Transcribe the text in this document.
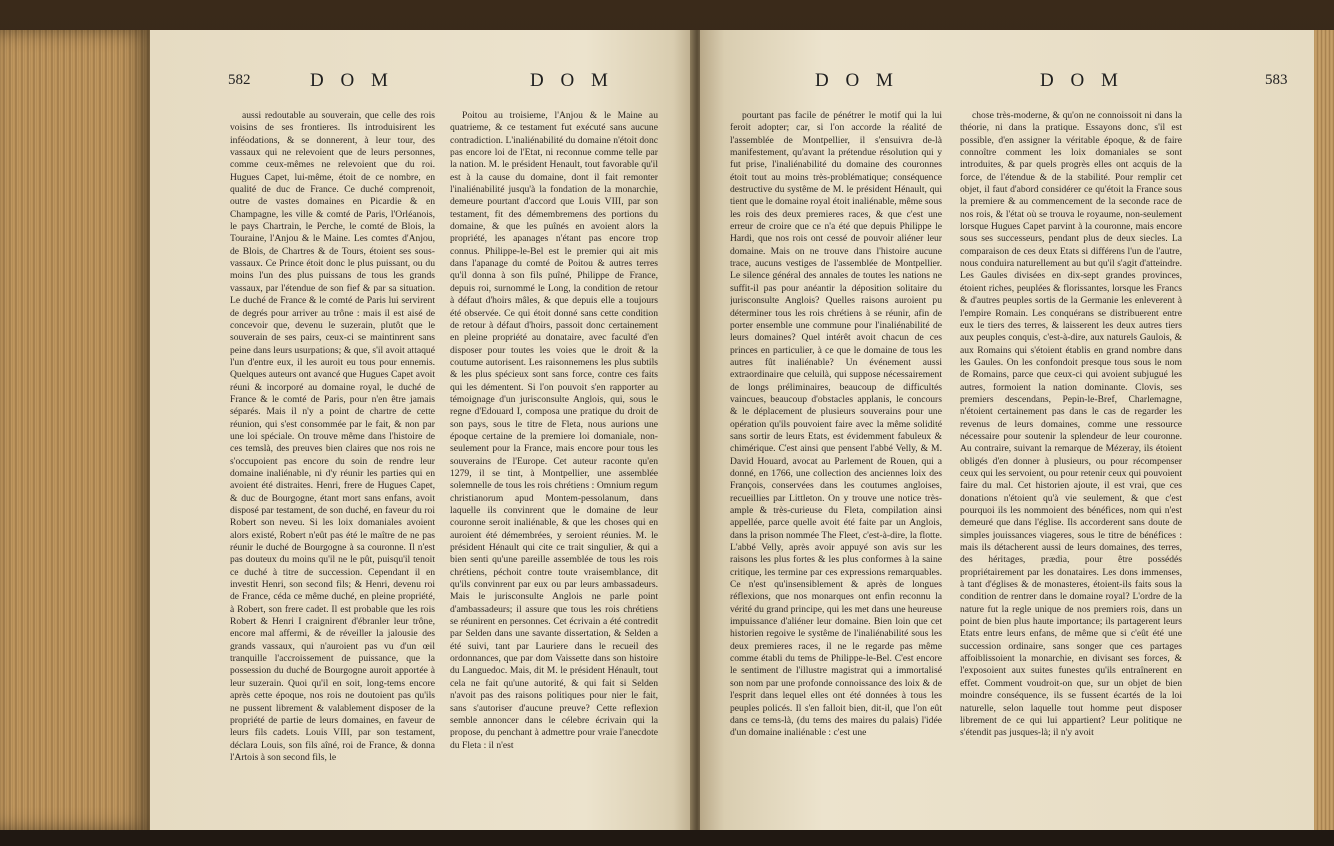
582	D O M	D O M

aussi redoutable au souverain, que celle des rois voisins de ses frontieres. Ils introduisirent les inféodations, & se donnerent, à leur tour, des vassaux qui ne relevoient que de leurs personnes, comme ceux-mêmes ne relevoient que du roi. Hugues Capet, lui-même, étoit de ce nombre, en qualité de duc de France. Ce duché comprenoit, outre de vastes domaines en Picardie & en Champagne, les ville & comté de Paris, l'Orléanois, le pays Chartrain, le Perche, le comté de Blois, la Touraine, l'Anjou & le Maine. Les comtes d'Anjou, de Blois, de Chartres & de Tours, étoient ses sous-vassaux. Ce Prince étoit donc le plus puissant, ou du moins l'un des plus puissans de tous les grands vassaux, par l'étendue de son fief & par sa situation. Le duché de France & le comté de Paris lui servirent de degrés pour arriver au trône : mais il est aisé de concevoir que, devenu le suzerain, plutôt que le souverain de ses pairs, ceux-ci se maintinrent sans peine dans leurs usurpations; & que, s'il avoit attaqué l'un d'entre eux, il les auroit eu tous pour ennemis. Quelques auteurs ont avancé que Hugues Capet avoit réuni & incorporé au domaine royal, le duché de France & le comté de Paris, pour n'en être jamais séparés. Mais il n'y a point de chartre de cette réunion, qui s'est consommée par le fait, & non par une loi spéciale. On trouve même dans l'histoire de ces temslà, des preuves bien claires que nos rois ne s'occupoient pas encore du soin de rendre leur domaine inaliénable, ni d'y réunir les parties qui en avoient été distraites. Henri, frere de Hugues Capet, & duc de Bourgogne, étant mort sans enfans, avoit disposé par testament, de son duché, en faveur du roi Robert son neveu. Si les loix domaniales avoient alors existé, Robert n'eût pas été le maître de ne pas réunir le duché de Bourgogne à sa couronne. Il n'est pas douteux du moins qu'il ne le pût, puisqu'il tenoit ce duché à titre de succession. Cependant il en investit Henri, son second fils; & Henri, devenu roi de France, céda ce même duché, en pleine propriété, à Robert, son frere cadet. Il est probable que les rois Robert & Henri I craignirent d'ébranler leur trône, encore mal affermi, & de réveiller la jalousie des grands vassaux, qui n'auroient pas vu d'un œil tranquille l'accroissement de puissance, que la possession du duché de Bourgogne auroit apportée à leur suzerain. Quoi qu'il en soit, long-tems encore après cette époque, nos rois ne doutoient pas qu'ils ne pussent librement & valablement disposer de la propriété de partie de leurs domaines, en faveur de leurs fils cadets. Louis VIII, par son testament, déclara Louis, son fils aîné, roi de France, & donna l'Artois à son second fils, le

Poitou au troisieme, l'Anjou & le Maine au quatrieme, & ce testament fut exécuté sans aucune contradiction. L'inaliénabilité du domaine n'étoit donc pas encore loi de l'Etat, ni reconnue comme telle par la nation. M. le président Henault, tout favorable qu'il est à la cause du domaine, dont il fait remonter l'inaliénabilité jusqu'à la fondation de la monarchie, demeure pourtant d'accord que Louis VIII, par son testament, fit des démembremens des portions du domaine, & que les puînés en avoient alors la propriété, les apanages n'étant pas encore trop connus. Philippe-le-Bel est le premier qui ait mis dans l'apanage du comté de Poitou & autres terres qu'il donna à son fils puîné, Philippe de France, depuis roi, surnommé le Long, la condition de retour à défaut d'hoirs mâles, & que depuis elle a toujours été observée. Ce qui étoit donné sans cette condition de retour à défaut d'hoirs, passoit donc certainement en pleine propriété au donataire, avec faculté d'en disposer pour toutes les voies que le droit & la coutume autorisent. Les raisonnemens les plus subtils & les plus spécieux sont sans force, contre ces faits qui les démentent. Si l'on pouvoit s'en rapporter au témoignage d'un jurisconsulte Anglois, qui, sous le regne d'Edouard I, composa une pratique du droit de son pays, sous le titre de Fleta, nous aurions une époque certaine de la premiere loi domaniale, non-seulement pour la France, mais encore pour tous les souverains de l'Europe. Cet auteur raconte qu'en 1279, il se tint, à Montpellier, une assemblée solemnelle de tous les rois chrétiens : Omnium regum christianorum apud Montem-pessolanum, dans laquelle ils convinrent que le domaine de leur couronne seroit inaliénable, & que les choses qui en auroient été démembrées, y seroient réunies. M. le président Hénault qui cite ce trait singulier, & qui a bien senti qu'une pareille assemblée de tous les rois chrétiens, péchoit contre toute vraisemblance, dit qu'ils convinrent par eux ou par leurs ambassadeurs. Mais le jurisconsulte Anglois ne parle point d'ambassadeurs; il assure que tous les rois chrétiens se réunirent en personnes. Cet écrivain a été contredit par Selden dans une savante dissertation, & Selden a été suivi, tant par Lauriere dans le recueil des ordonnances, que par dom Vaissette dans son histoire du Languedoc. Mais, dit M. le président Hénault, tout cela ne fait qu'une autorité, & qui fait si Selden n'avoit pas des raisons politiques pour nier le fait, sans s'autoriser d'aucune preuve? Cette reflexion semble annoncer dans le célebre écrivain qui la propose, du penchant à admettre pour vraie l'anecdote du Fleta : il n'est

D O M	D O M	583

pourtant pas facile de pénétrer le motif qui la lui feroit adopter; car, si l'on accorde la réalité de l'assemblée de Montpellier, il s'ensuivra de-là manifestement, qu'avant la prétendue résolution qui y fut prise, l'inaliénabilité du domaine des couronnes étoit tout au moins très-problématique; conséquence destructive du systême de M. le président Hénault, qui tient que le domaine royal étoit inaliénable, même sous les rois des deux premieres races, & que c'est une erreur de croire que ce n'a été que depuis Philippe le Hardi, que nos rois ont cessé de pouvoir aliéner leur domaine. Mais on ne trouve dans l'histoire aucune trace, aucuns vestiges de l'assemblée de Montpellier. Le silence général des annales de toutes les nations ne suffit-il pas pour anéantir la déposition solitaire du jurisconsulte Anglois? Quelles raisons auroient pu déterminer tous les rois chrétiens à se réunir, afin de porter ensemble une commune pour l'inaliénabilité de leurs domaines? Quel intérêt avoit chacun de ces princes en particulier, à ce que le domaine de tous les autres fût inaliénable? Un événement aussi extraordinaire que celuilà, qui suppose nécessairement de longs préliminaires, beaucoup de difficultés vaincues, beaucoup d'obstacles applanis, le concours & le déplacement de plusieurs souverains pour une opération qu'ils pouvoient faire avec la même solidité sans sortir de leurs Etats, est évidemment fabuleux & chimérique. C'est ainsi que pensent l'abbé Velly, & M. David Houard, avocat au Parlement de Rouen, qui a donné, en 1766, une collection des anciennes loix des François, conservées dans les coutumes angloises, recueillies par Littleton. On y trouve une notice très-ample & très-curieuse du Fleta, compilation ainsi appellée, parce quelle avoit été faite par un Anglois, dans la prison nommée The Fleet, c'est-à-dire, la flotte. L'abbé Velly, après avoir appuyé son avis sur les raisons les plus fortes & les plus conformes à la saine critique, les termine par ces expressions remarquables. Ce n'est qu'insensiblement & après de longues réflexions, que nos monarques ont enfin reconnu la vérité du grand principe, qui les met dans une heureuse impuissance d'aliéner leur domaine. Bien loin que cet historien regoive le systême de l'inaliénabilité sous les deux premieres races, il ne le regarde pas même comme établi du tems de Philippe-le-Bel. C'est encore le sentiment de l'illustre magistrat qui a immortalisé son nom par une profonde connoissance des loix & de l'esprit dans lequel elles ont été données à tous les peuples policés. Il s'en falloit bien, dit-il, que l'on eût dans ce tems-là, (du tems des maires du palais) l'idée d'un domaine inaliénable : c'est une

chose très-moderne, & qu'on ne connoissoit ni dans la théorie, ni dans la pratique. Essayons donc, s'il est possible, d'en assigner la véritable époque, & de faire connoître comment les loix domaniales se sont introduites, & par quels progrès elles ont acquis de la force, de l'étendue & de la stabilité. Pour remplir cet objet, il faut d'abord considérer ce qu'étoit la France sous la premiere & au commencement de la seconde race de nos rois, & l'état où se trouva le royaume, non-seulement lorsque Hugues Capet parvint à la couronne, mais encore sous ses successeurs, pendant plus de deux siecles. La comparaison de ces deux Etats si différens l'un de l'autre, nous conduira naturellement au but qu'il s'agit d'atteindre. Les Gaules divisées en dix-sept grandes provinces, étoient riches, peuplées & florissantes, lorsque les Francs & d'autres peuples sortis de la Germanie les enleverent à l'empire Romain. Les conquérans se distribuerent entre eux le tiers des terres, & laisserent les deux autres tiers aux peuples conquis, c'est-à-dire, aux naturels Gaulois, & aux Romains qui s'étoient établis en grand nombre dans les Gaules. On les confondoit presque tous sous le nom de Romains, parce que ceux-ci qui avoient subjugué les autres, formoient la nation dominante. Clovis, ses premiers descendans, Pepin-le-Bref, Charlemagne, n'étoient certainement pas dans le cas de regarder les revenus de leurs domaines, comme une ressource nécessaire pour soutenir la splendeur de leur couronne. Au contraire, suivant la remarque de Mézeray, ils étoient obligés d'en donner à plusieurs, ou pour récompenser ceux qui les servoient, ou pour retenir ceux qui pouvoient faire du mal. Cet historien ajoute, il est vrai, que ces donations n'étoient qu'à vie seulement, & que c'est pourquoi ils les nommoient des bénéfices, nom qui n'est demeuré que dans l'église. Ils accorderent sans doute de simples jouissances viageres, sous le titre de bénéfices : mais ils détacherent aussi de leurs domaines, des terres, des héritages, prædia, pour être possédés propriétairement par les donataires. Les dons immenses, à tant d'églises & de monasteres, étoient-ils faits sous la condition de rentrer dans le domaine royal? L'ordre de la nature fut la regle unique de nos premiers rois, dans un point de bien plus haute importance; ils partagerent leurs Etats entre leurs enfans, de même que si c'eût été une succession ordinaire, sans songer que ces partages affoiblissoient la monarchie, en divisant ses forces, & l'exposoient aux suites funestes qu'ils entraînerent en effet. Comment voudroit-on que, sur un objet de bien moindre conséquence, ils se fussent écartés de la loi naturelle, selon laquelle tout homme peut disposer librement de ce qui lui appartient? Leur politique ne s'étendit pas jusques-là; il n'y avoit
